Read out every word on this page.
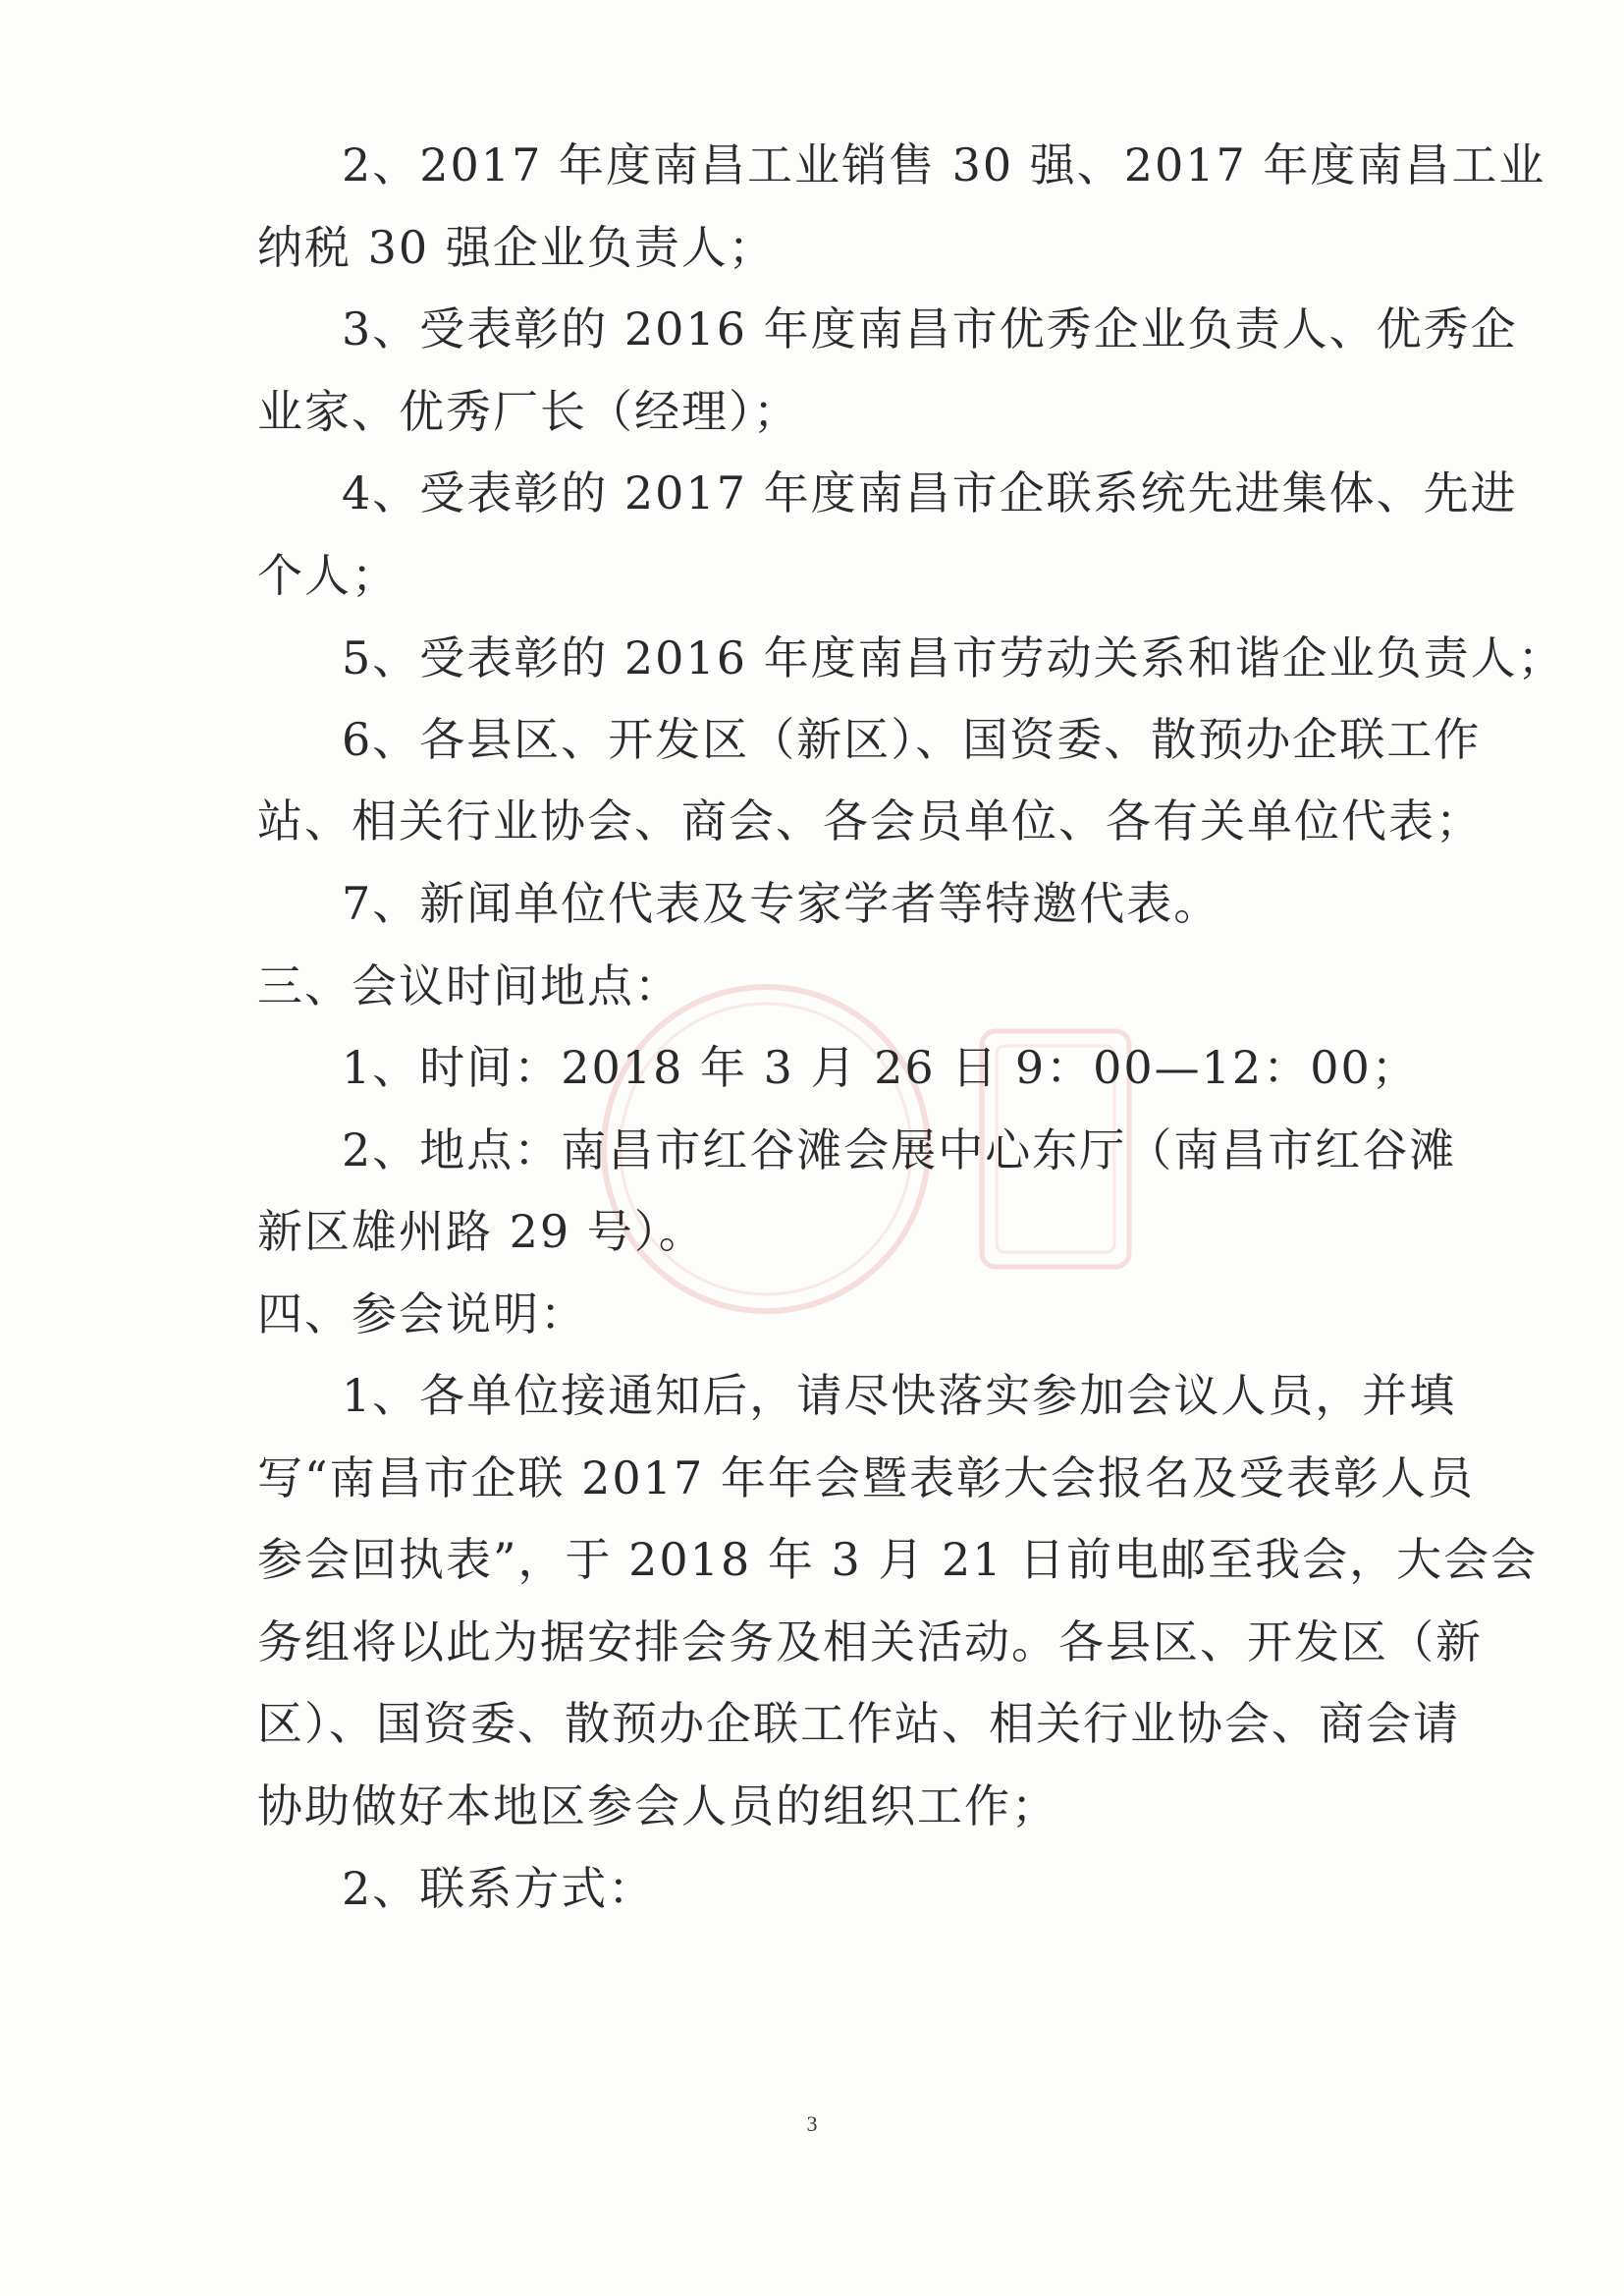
2、2017 年度南昌工业销售 30 强、2017 年度南昌工业
纳税 30 强企业负责人；
3、受表彰的 2016 年度南昌市优秀企业负责人、优秀企
业家、优秀厂长（经理）；
4、受表彰的 2017 年度南昌市企联系统先进集体、先进
个人；
5、受表彰的 2016 年度南昌市劳动关系和谐企业负责人；
6、各县区、开发区（新区）、国资委、散预办企联工作
站、相关行业协会、商会、各会员单位、各有关单位代表；
7、新闻单位代表及专家学者等特邀代表。
三、会议时间地点：
1、时间：2018 年 3 月 26 日 9：00—12：00；
2、地点：南昌市红谷滩会展中心东厅（南昌市红谷滩
新区雄州路 29 号）。
四、参会说明：
1、各单位接通知后，请尽快落实参加会议人员，并填
写“南昌市企联 2017 年年会暨表彰大会报名及受表彰人员
参会回执表”，于 2018 年 3 月 21 日前电邮至我会，大会会
务组将以此为据安排会务及相关活动。各县区、开发区（新
区）、国资委、散预办企联工作站、相关行业协会、商会请
协助做好本地区参会人员的组织工作；
2、联系方式：
3
